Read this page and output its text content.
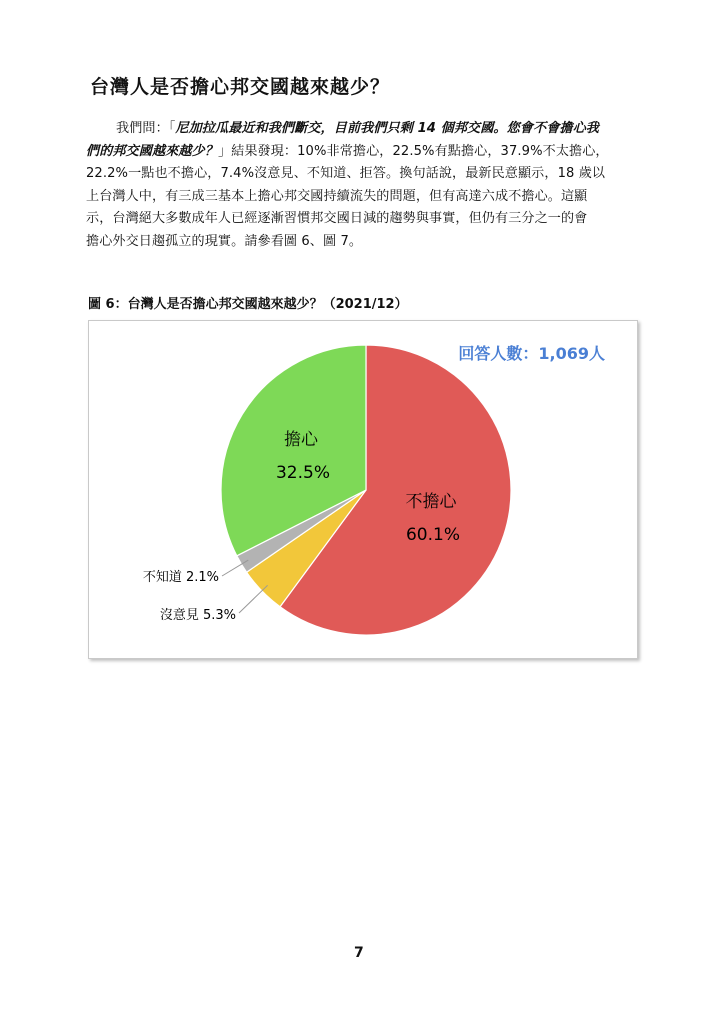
台灣人是否擔心邦交國越來越少？
我們問：「尼加拉瓜最近和我們斷交，目前我們只剩 14 個邦交國。您會不會擔心我
們的邦交國越來越少？」結果發現：10%非常擔心，22.5%有點擔心，37.9%不太擔心，
22.2%一點也不擔心，7.4%沒意見、不知道、拒答。換句話說，最新民意顯示，18 歲以
上台灣人中，有三成三基本上擔心邦交國持續流失的問題，但有高達六成不擔心。這顯
示，台灣絕大多數成年人已經逐漸習慣邦交國日減的趨勢與事實，但仍有三分之一的會
擔心外交日趨孤立的現實。請參看圖 6、圖 7。
圖 6：台灣人是否擔心邦交國越來越少？（2021/12）
回答人數：1,069人
不擔心
60.1%
擔心
32.5%
沒意見 5.3%
不知道 2.1%
7
